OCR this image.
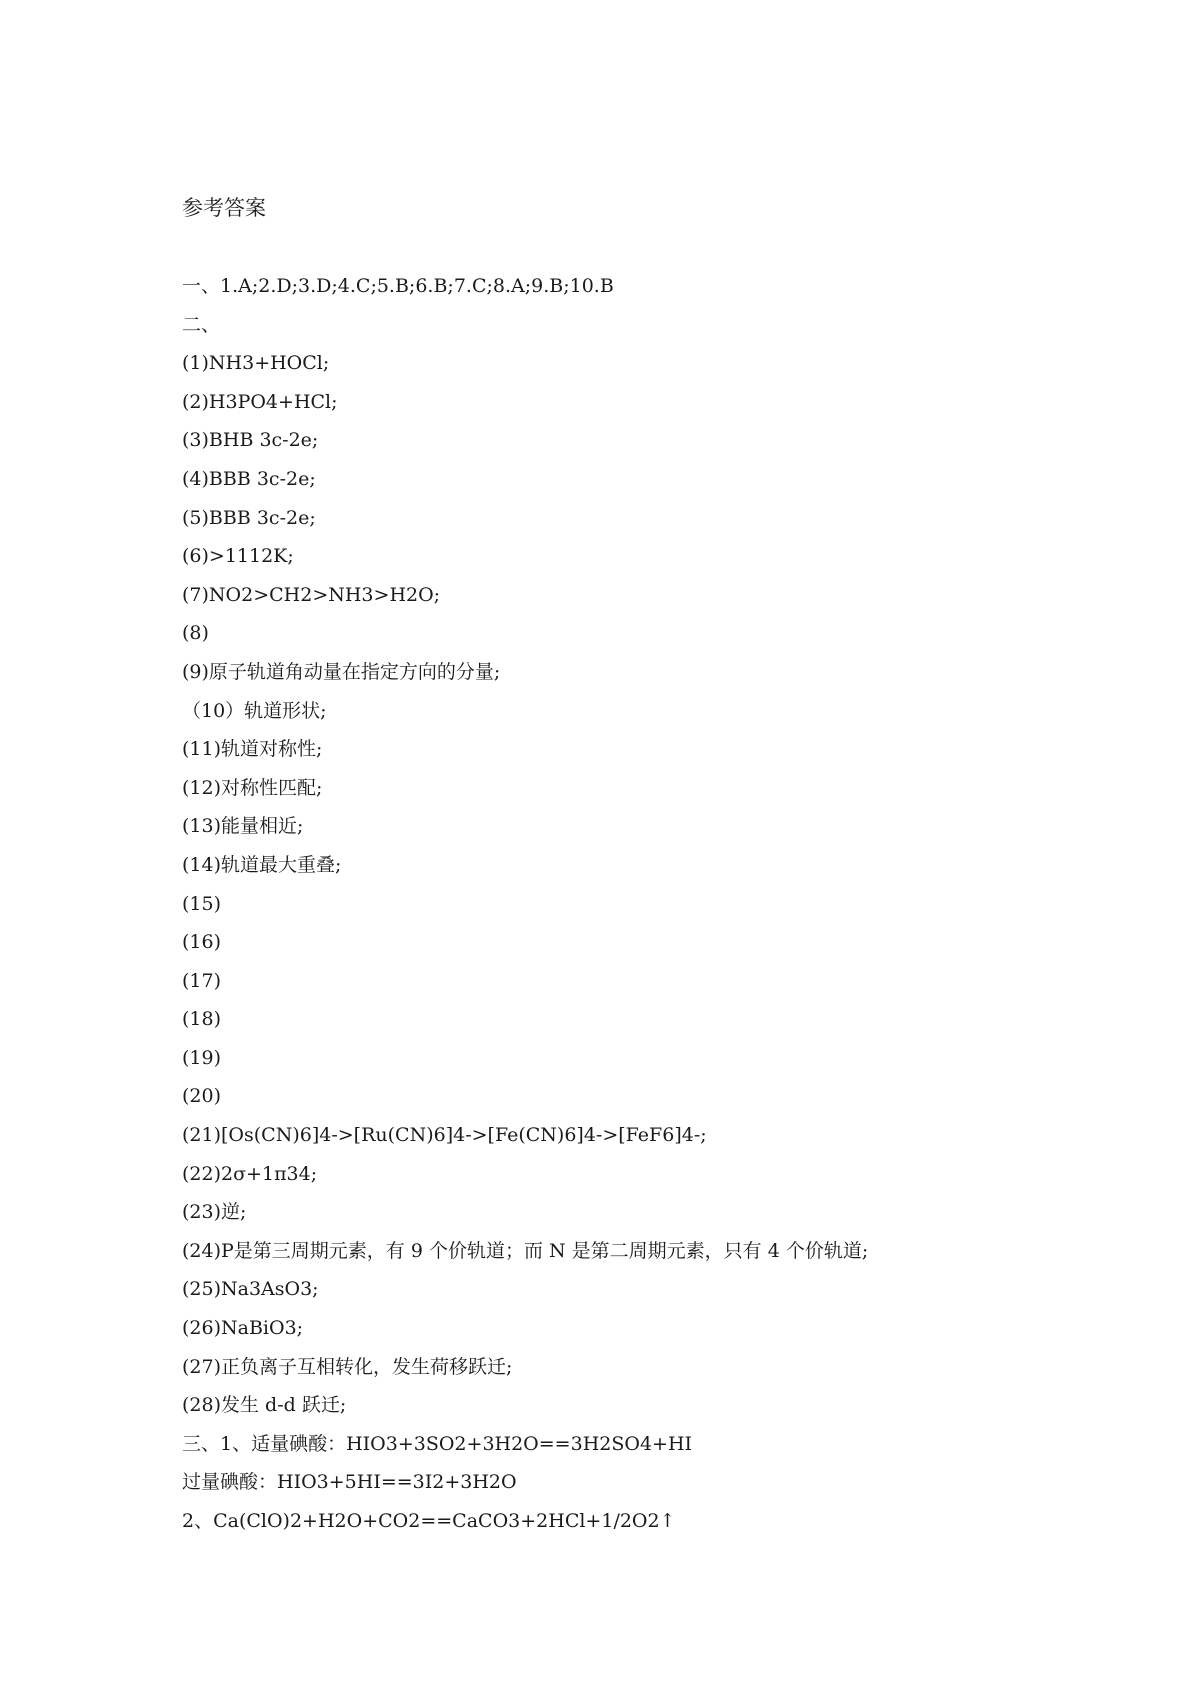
参考答案
一、1.A;2.D;3.D;4.C;5.B;6.B;7.C;8.A;9.B;10.B
二、
(1)NH3+HOCl;
(2)H3PO4+HCl;
(3)BHB 3c-2e;
(4)BBB 3c-2e;
(5)BBB 3c-2e;
(6)>1112K;
(7)NO2>CH2>NH3>H2O;
(8)
(9)原子轨道角动量在指定方向的分量;
（10）轨道形状;
(11)轨道对称性;
(12)对称性匹配;
(13)能量相近;
(14)轨道最大重叠;
(15)
(16)
(17)
(18)
(19)
(20)
(21)[Os(CN)6]4->[Ru(CN)6]4->[Fe(CN)6]4->[FeF6]4-;
(22)2σ+1π34;
(23)逆;
(24)P是第三周期元素，有 9 个价轨道；而 N 是第二周期元素，只有 4 个价轨道;
(25)Na3AsO3;
(26)NaBiO3;
(27)正负离子互相转化，发生荷移跃迁;
(28)发生 d-d 跃迁;
三、1、适量碘酸：HIO3+3SO2+3H2O==3H2SO4+HI
过量碘酸：HIO3+5HI==3I2+3H2O
2、Ca(ClO)2+H2O+CO2==CaCO3+2HCl+1/2O2↑
